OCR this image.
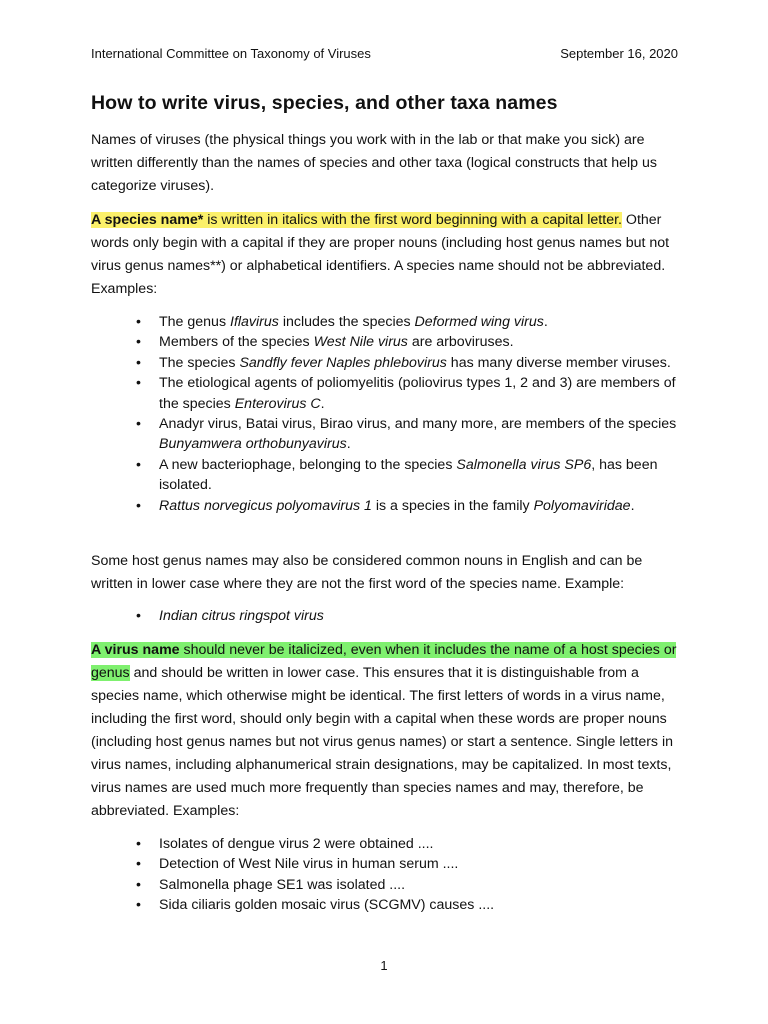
International Committee on Taxonomy of Viruses	September 16, 2020
How to write virus, species, and other taxa names

Names of viruses (the physical things you work with in the lab or that make you sick) are written differently than the names of species and other taxa (logical constructs that help us categorize viruses).

A species name* is written in italics with the first word beginning with a capital letter. Other words only begin with a capital if they are proper nouns (including host genus names but not virus genus names**) or alphabetical identifiers. A species name should not be abbreviated. Examples:

• The genus Iflavirus includes the species Deformed wing virus.
• Members of the species West Nile virus are arboviruses.
• The species Sandfly fever Naples phlebovirus has many diverse member viruses.
• The etiological agents of poliomyelitis (poliovirus types 1, 2 and 3) are members of the species Enterovirus C.
• Anadyr virus, Batai virus, Birao virus, and many more, are members of the species Bunyamwera orthobunyavirus.
• A new bacteriophage, belonging to the species Salmonella virus SP6, has been isolated.
• Rattus norvegicus polyomavirus 1 is a species in the family Polyomaviridae.

Some host genus names may also be considered common nouns in English and can be written in lower case where they are not the first word of the species name. Example:

• Indian citrus ringspot virus

A virus name should never be italicized, even when it includes the name of a host species or genus and should be written in lower case. This ensures that it is distinguishable from a species name, which otherwise might be identical. The first letters of words in a virus name, including the first word, should only begin with a capital when these words are proper nouns (including host genus names but not virus genus names) or start a sentence. Single letters in virus names, including alphanumerical strain designations, may be capitalized. In most texts, virus names are used much more frequently than species names and may, therefore, be abbreviated. Examples:

• Isolates of dengue virus 2 were obtained ....
• Detection of West Nile virus in human serum ....
• Salmonella phage SE1 was isolated ....
• Sida ciliaris golden mosaic virus (SCGMV) causes ....
1
